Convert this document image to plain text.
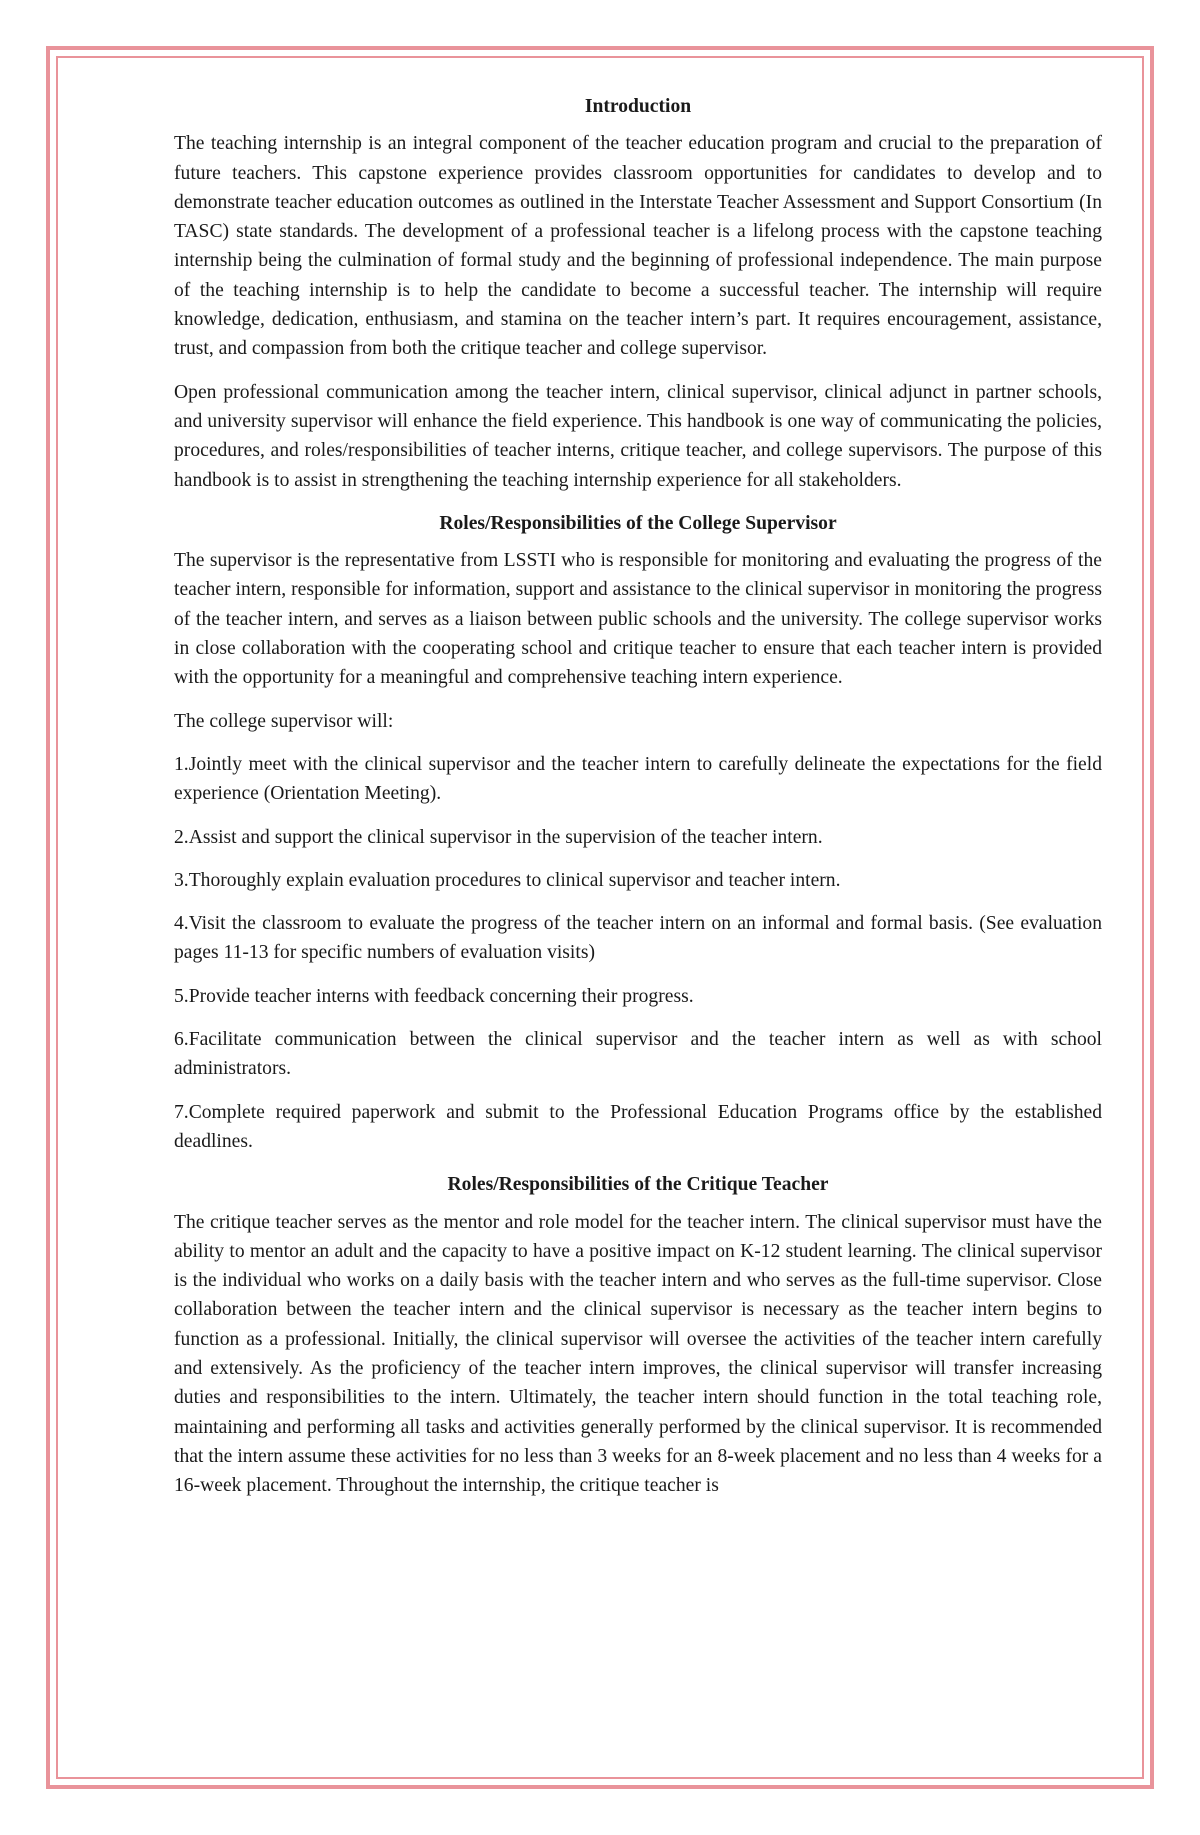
Introduction

The teaching internship is an integral component of the teacher education program and crucial to the preparation of future teachers. This capstone experience provides classroom opportunities for candidates to develop and to demonstrate teacher education outcomes as outlined in the Interstate Teacher Assessment and Support Consortium (In TASC) state standards. The development of a professional teacher is a lifelong process with the capstone teaching internship being the culmination of formal study and the beginning of professional independence. The main purpose of the teaching internship is to help the candidate to become a successful teacher. The internship will require knowledge, dedication, enthusiasm, and stamina on the teacher intern’s part. It requires encouragement, assistance, trust, and compassion from both the critique teacher and college supervisor.

Open professional communication among the teacher intern, clinical supervisor, clinical adjunct in partner schools, and university supervisor will enhance the field experience. This handbook is one way of communicating the policies, procedures, and roles/responsibilities of teacher interns, critique teacher, and college supervisors. The purpose of this handbook is to assist in strengthening the teaching internship experience for all stakeholders.

Roles/Responsibilities of the College Supervisor

The supervisor is the representative from LSSTI who is responsible for monitoring and evaluating the progress of the teacher intern, responsible for information, support and assistance to the clinical supervisor in monitoring the progress of the teacher intern, and serves as a liaison between public schools and the university. The college supervisor works in close collaboration with the cooperating school and critique teacher to ensure that each teacher intern is provided with the opportunity for a meaningful and comprehensive teaching intern experience.

The college supervisor will:

1.Jointly meet with the clinical supervisor and the teacher intern to carefully delineate the expectations for the field experience (Orientation Meeting).

2.Assist and support the clinical supervisor in the supervision of the teacher intern.

3.Thoroughly explain evaluation procedures to clinical supervisor and teacher intern.

4.Visit the classroom to evaluate the progress of the teacher intern on an informal and formal basis. (See evaluation pages 11-13 for specific numbers of evaluation visits)

5.Provide teacher interns with feedback concerning their progress.

6.Facilitate communication between the clinical supervisor and the teacher intern as well as with school administrators.

7.Complete required paperwork and submit to the Professional Education Programs office by the established deadlines.

Roles/Responsibilities of the Critique Teacher

The critique teacher serves as the mentor and role model for the teacher intern. The clinical supervisor must have the ability to mentor an adult and the capacity to have a positive impact on K-12 student learning. The clinical supervisor is the individual who works on a daily basis with the teacher intern and who serves as the full-time supervisor. Close collaboration between the teacher intern and the clinical supervisor is necessary as the teacher intern begins to function as a professional. Initially, the clinical supervisor will oversee the activities of the teacher intern carefully and extensively. As the proficiency of the teacher intern improves, the clinical supervisor will transfer increasing duties and responsibilities to the intern. Ultimately, the teacher intern should function in the total teaching role, maintaining and performing all tasks and activities generally performed by the clinical supervisor. It is recommended that the intern assume these activities for no less than 3 weeks for an 8-week placement and no less than 4 weeks for a 16-week placement. Throughout the internship, the critique teacher is
